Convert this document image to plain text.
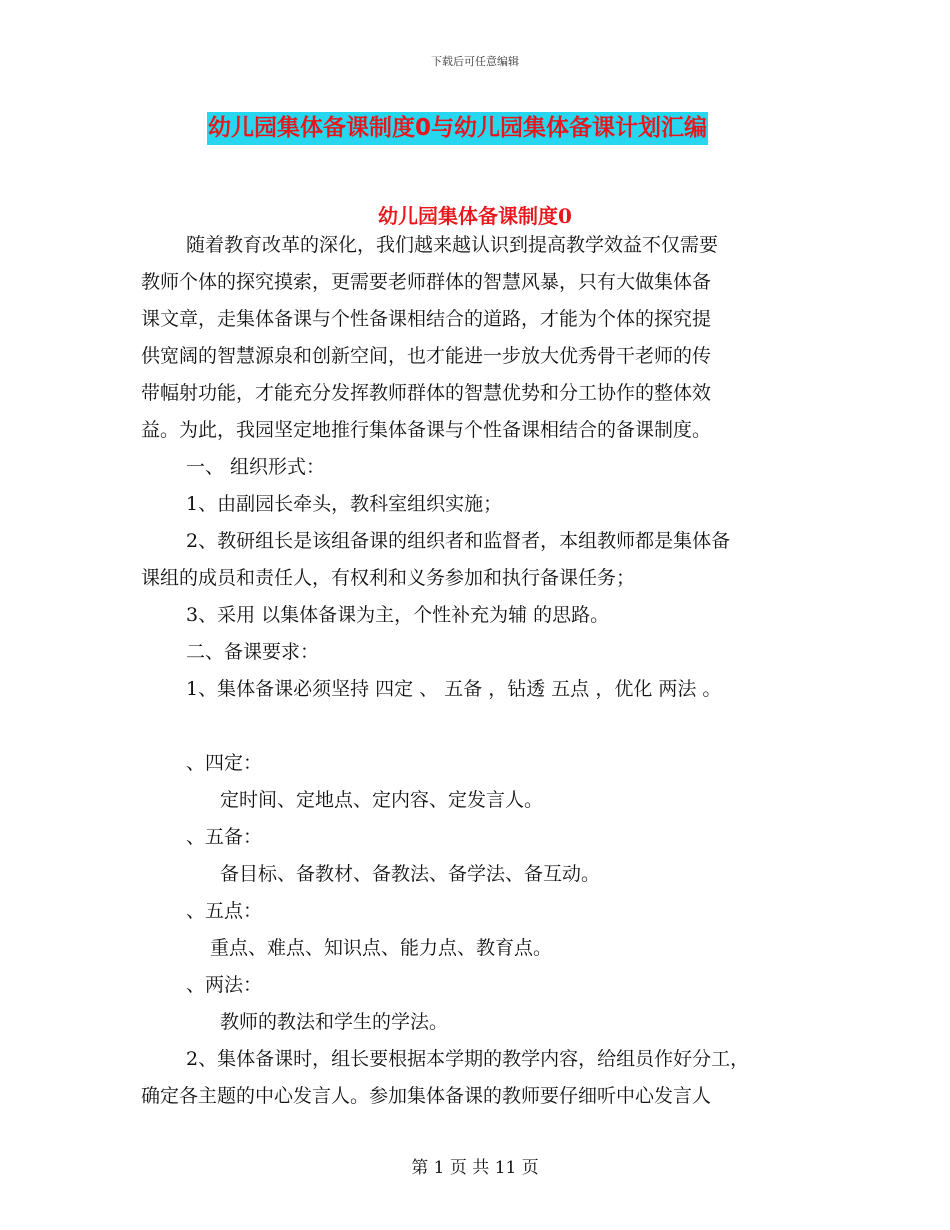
下载后可任意编辑
幼儿园集体备课制度0与幼儿园集体备课计划汇编
幼儿园集体备课制度0
随着教育改革的深化，我们越来越认识到提高教学效益不仅需要
教师个体的探究摸索，更需要老师群体的智慧风暴，只有大做集体备
课文章，走集体备课与个性备课相结合的道路，才能为个体的探究提
供宽阔的智慧源泉和创新空间，也才能进一步放大优秀骨干老师的传
带幅射功能，才能充分发挥教师群体的智慧优势和分工协作的整体效
益。为此，我园坚定地推行集体备课与个性备课相结合的备课制度。
一、 组织形式：
1、由副园长牵头，教科室组织实施；
2、教研组长是该组备课的组织者和监督者，本组教师都是集体备
课组的成员和责任人，有权利和义务参加和执行备课任务；
3、采用 以集体备课为主，个性补充为辅 的思路。
二、备课要求：
1、集体备课必须坚持 四定 、 五备 ，钻透 五点 ，优化 两法 。
、四定：
定时间、定地点、定内容、定发言人。
、五备：
备目标、备教材、备教法、备学法、备互动。
、五点：
重点、难点、知识点、能力点、教育点。
、两法：
教师的教法和学生的学法。
2、集体备课时，组长要根据本学期的教学内容，给组员作好分工，
确定各主题的中心发言人。参加集体备课的教师要仔细听中心发言人
第 1 页 共 11 页
